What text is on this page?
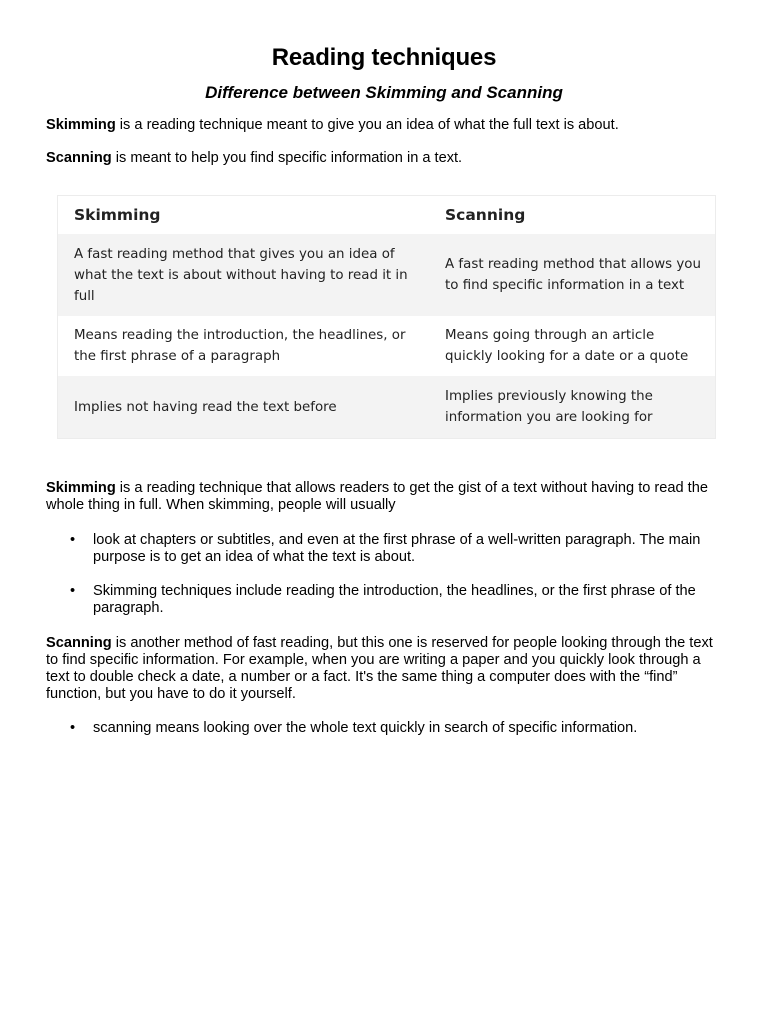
Reading techniques
Difference between Skimming and Scanning

Skimming is a reading technique meant to give you an idea of what the full text is about.

Scanning is meant to help you find specific information in a text.

Skimming	Scanning
A fast reading method that gives you an idea of what the text is about without having to read it in full
A fast reading method that allows you to find specific information in a text
Means reading the introduction, the headlines, or the first phrase of a paragraph
Means going through an article quickly looking for a date or a quote
Implies not having read the text before
Implies previously knowing the information you are looking for

Skimming is a reading technique that allows readers to get the gist of a text without having to read the whole thing in full. When skimming, people will usually

• look at chapters or subtitles, and even at the first phrase of a well-written paragraph. The main purpose is to get an idea of what the text is about.
• Skimming techniques include reading the introduction, the headlines, or the first phrase of the paragraph.

Scanning is another method of fast reading, but this one is reserved for people looking through the text to find specific information. For example, when you are writing a paper and you quickly look through a text to double check a date, a number or a fact. It's the same thing a computer does with the “find” function, but you have to do it yourself.

• scanning means looking over the whole text quickly in search of specific information.
